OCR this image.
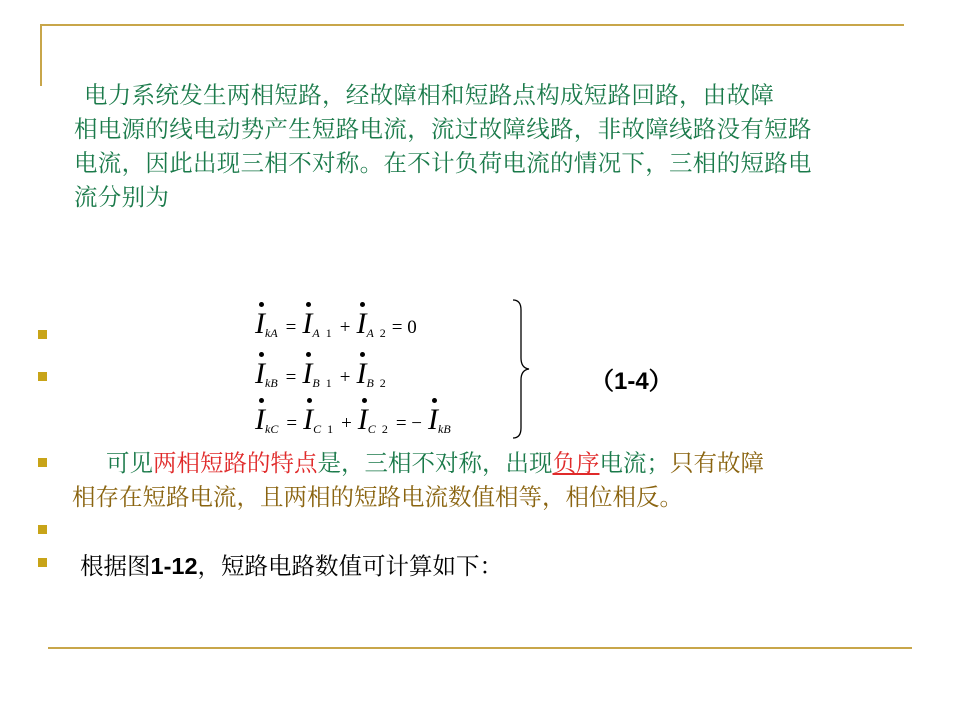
电力系统发生两相短路，经故障相和短路点构成短路回路，由故障
相电源的线电动势产生短路电流，流过故障线路，非故障线路没有短路
电流，因此出现三相不对称。在不计负荷电流的情况下，三相的短路电
流分别为
$I_{kA} = I_A$ $_1 + I_A$ $_2$ = 0
$I_{kB} = I_B$ $_1 + I_B$ $_2$
$I_{kC} = I_C$ $_1 + I_C$ $_2$ = − $I_{kB}$
（1-4）
可见两相短路的特点是，三相不对称，出现负序电流；只有故障
相存在短路电流，且两相的短路电流数值相等，相位相反。
根据图1-12，短路电路数值可计算如下：
